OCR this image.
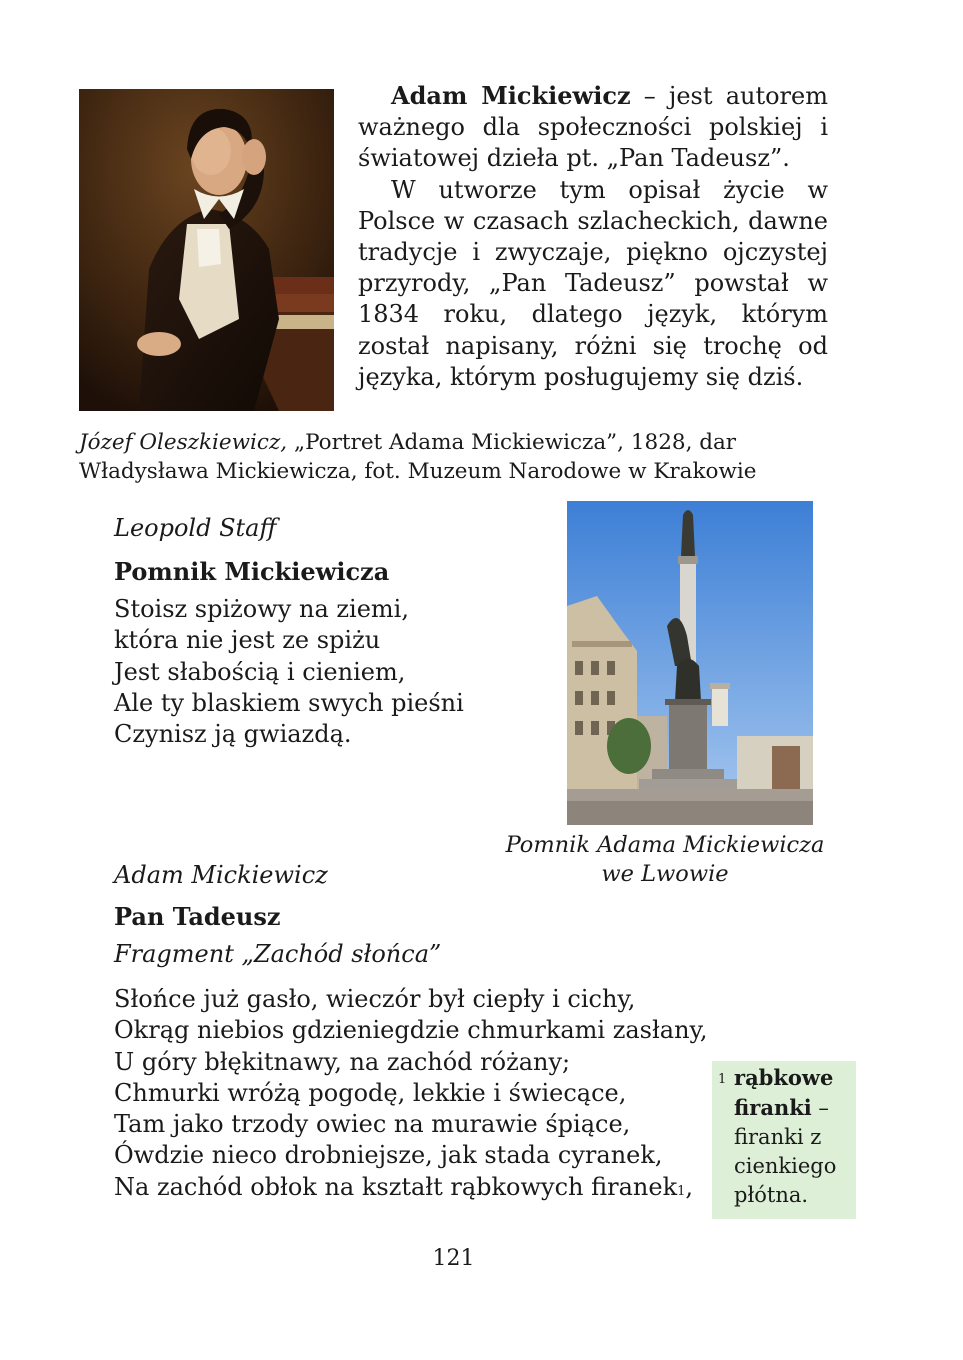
Adam Mickiewicz – jest autorem ważnego dla społeczności polskiej i światowej dzieła pt. „Pan Tadeusz”.

W utworze tym opisał życie w Polsce w czasach szlacheckich, dawne tradycje i zwyczaje, piękno ojczystej przyrody, „Pan Tadeusz” powstał w 1834 roku, dlatego język, którym został napisany, różni się trochę od języka, którym posługujemy się dziś.

Józef Oleszkiewicz, „Portret Adama Mickiewicza”, 1828, dar Władysława Mickiewicza, fot. Muzeum Narodowe w Krakowie
Leopold Staff
Pomnik Mickiewicza
Stoisz spiżowy na ziemi,
która nie jest ze spiżu
Jest słabością i cieniem,
Ale ty blaskiem swych pieśni
Czynisz ją gwiazdą.
Pomnik Adama Mickiewicza
we Lwowie
Adam Mickiewicz
Pan Tadeusz
Fragment „Zachód słońca”
Słońce już gasło, wieczór był ciepły i cichy,
Okrąg niebios gdzieniegdzie chmurkami zasłany,
U góry błękitnawy, na zachód różany;
Chmurki wróżą pogodę, lekkie i świecące,
Tam jako trzody owiec na murawie śpiące,
Ówdzie nieco drobniejsze, jak stada cyranek,
Na zachód obłok na kształt rąbkowych firanek$^1$,
1 rąbkowe firanki – firanki z cienkiego płótna.
121
